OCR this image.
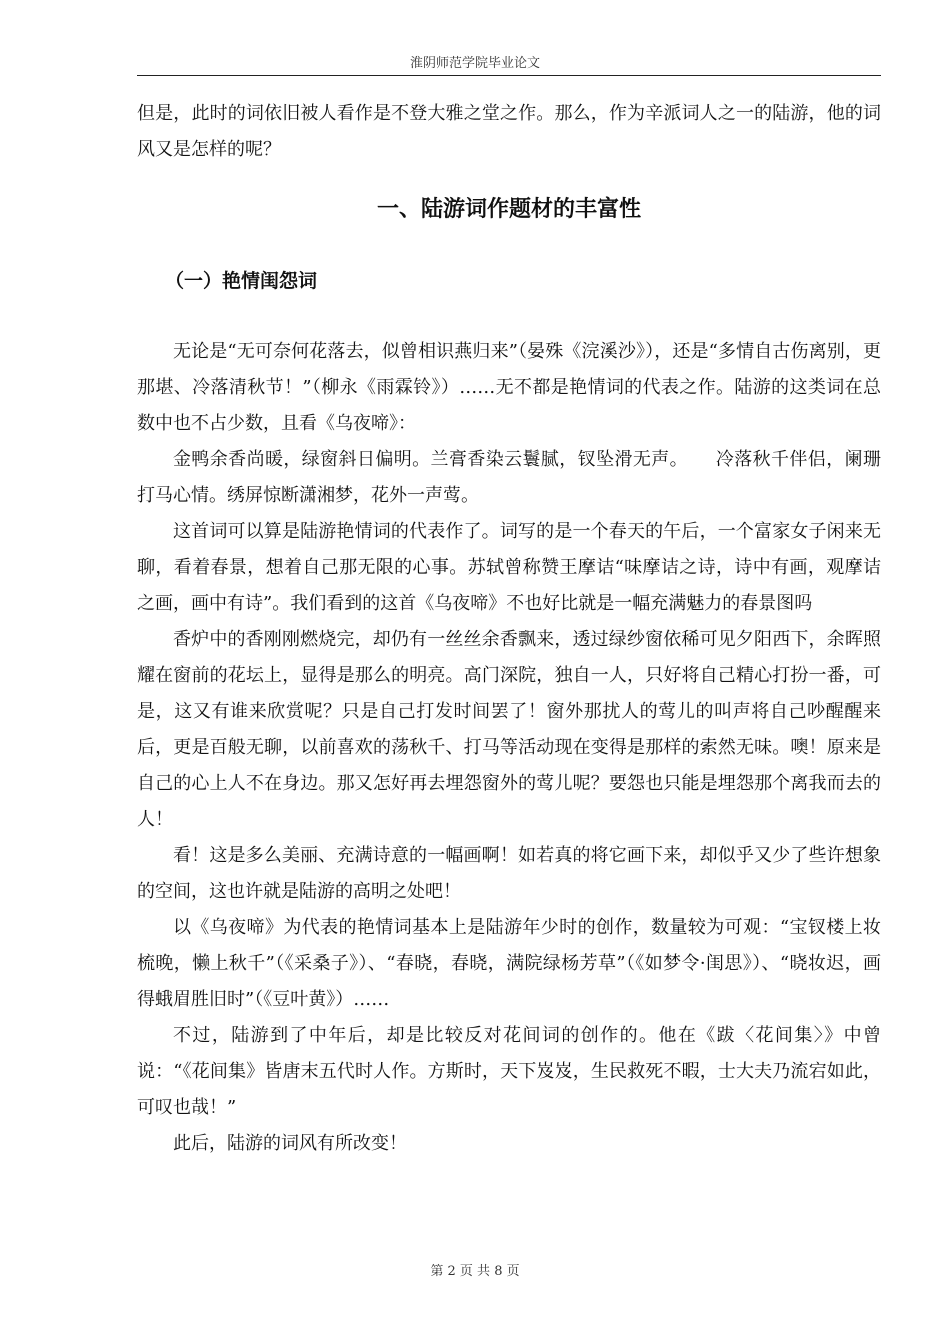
淮阴师范学院毕业论文

但是，此时的词依旧被人看作是不登大雅之堂之作。那么，作为辛派词人之一的陆游，他的词风又是怎样的呢？

一、陆游词作题材的丰富性
（一）艳情闺怨词

无论是“无可奈何花落去，似曾相识燕归来”（晏殊《浣溪沙》），还是“多情自古伤离别，更那堪、冷落清秋节！”（柳永《雨霖铃》）……无不都是艳情词的代表之作。陆游的这类词在总数中也不占少数，且看《乌夜啼》：

金鸭余香尚暖，绿窗斜日偏明。兰膏香染云鬟腻，钗坠滑无声。　　冷落秋千伴侣，阑珊打马心情。绣屏惊断潇湘梦，花外一声莺。

这首词可以算是陆游艳情词的代表作了。词写的是一个春天的午后，一个富家女子闲来无聊，看着春景，想着自己那无限的心事。苏轼曾称赞王摩诘“味摩诘之诗，诗中有画，观摩诘之画，画中有诗”。我们看到的这首《乌夜啼》不也好比就是一幅充满魅力的春景图吗

香炉中的香刚刚燃烧完，却仍有一丝丝余香飘来，透过绿纱窗依稀可见夕阳西下，余晖照耀在窗前的花坛上，显得是那么的明亮。高门深院，独自一人，只好将自己精心打扮一番，可是，这又有谁来欣赏呢？只是自己打发时间罢了！窗外那扰人的莺儿的叫声将自己吵醒醒来后，更是百般无聊，以前喜欢的荡秋千、打马等活动现在变得是那样的索然无味。噢！原来是自己的心上人不在身边。那又怎好再去埋怨窗外的莺儿呢？要怨也只能是埋怨那个离我而去的人！

看！这是多么美丽、充满诗意的一幅画啊！如若真的将它画下来，却似乎又少了些许想象的空间，这也许就是陆游的高明之处吧！

以《乌夜啼》为代表的艳情词基本上是陆游年少时的创作，数量较为可观：“宝钗楼上妆梳晚，懒上秋千”（《采桑子》）、“春晓，春晓，满院绿杨芳草”（《如梦令·闺思》）、“晓妆迟，画得蛾眉胜旧时”（《豆叶黄》）……

不过，陆游到了中年后，却是比较反对花间词的创作的。他在《跋〈花间集〉》中曾说：“《花间集》皆唐末五代时人作。方斯时，天下岌岌，生民救死不暇，士大夫乃流宕如此，可叹也哉！”

此后，陆游的词风有所改变！

第 2 页 共 8 页
